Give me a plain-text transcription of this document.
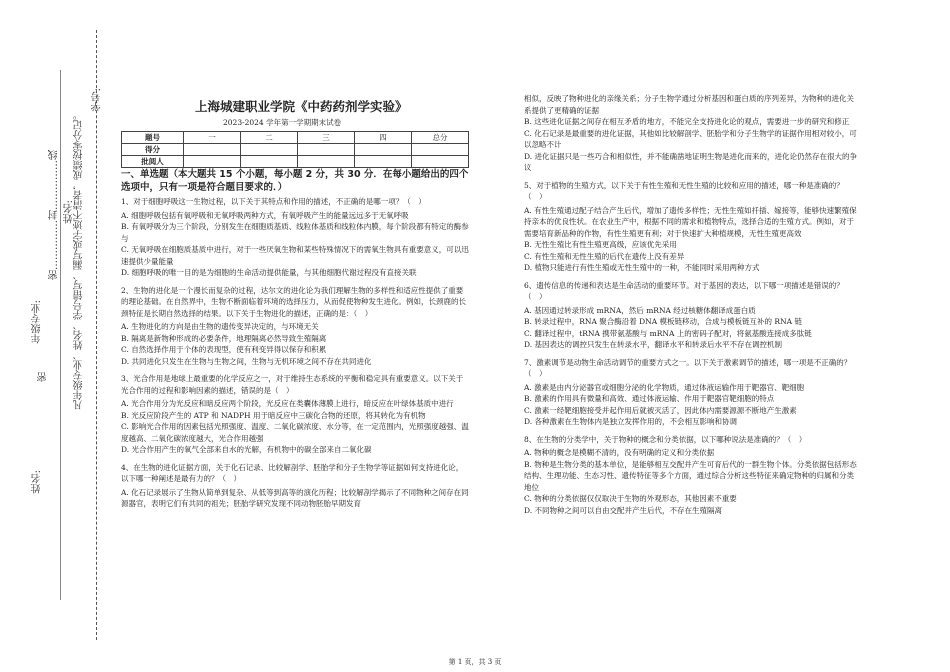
学号:
姓名:
年级专业:
姓名:
凡年级专业、姓名、学号错写、漏写或字迹不清者，成绩按零分记。
密……………封……………线
密
上海城建职业学院《中药药剂学实验》
2023-2024 学年第一学期期末试卷
题号	一	二	三	四	总分
得分					
批阅人					
一、单选题（本大题共 15 个小题，每小题 2 分，共 30 分．在每小题给出的四个选项中，只有一项是符合题目要求的．）

1、对于细胞呼吸这一生物过程，以下关于其特点和作用的描述，不正确的是哪一项？（　）

A. 细胞呼吸包括有氧呼吸和无氧呼吸两种方式，有氧呼吸产生的能量远远多于无氧呼吸
B. 有氧呼吸分为三个阶段，分别发生在细胞质基质、线粒体基质和线粒体内膜，每个阶段都有特定的酶参与
C. 无氧呼吸在细胞质基质中进行，对于一些厌氧生物和某些特殊情况下的需氧生物具有重要意义，可以迅速提供少量能量
D. 细胞呼吸的唯一目的是为细胞的生命活动提供能量，与其他细胞代谢过程没有直接关联

2、生物的进化是一个漫长而复杂的过程，达尔文的进化论为我们理解生物的多样性和适应性提供了重要的理论基础。在自然界中，生物不断面临着环境的选择压力，从而促使物种发生进化。例如，长颈鹿的长颈特征是长期自然选择的结果。以下关于生物进化的描述，正确的是：（　）

A. 生物进化的方向是由生物的遗传变异决定的，与环境无关
B. 隔离是新物种形成的必要条件，地理隔离必然导致生殖隔离
C. 自然选择作用于个体的表现型，使有利变异得以保存和积累
D. 共同进化只发生在生物与生物之间，生物与无机环境之间不存在共同进化

3、光合作用是地球上最重要的化学反应之一，对于维持生态系统的平衡和稳定具有重要意义。以下关于光合作用的过程和影响因素的描述，错误的是（　）

A. 光合作用分为光反应和暗反应两个阶段，光反应在类囊体薄膜上进行，暗反应在叶绿体基质中进行
B. 光反应阶段产生的 ATP 和 NADPH 用于暗反应中三碳化合物的还原，将其转化为有机物
C. 影响光合作用的因素包括光照强度、温度、二氧化碳浓度、水分等，在一定范围内，光照强度越强、温度越高、二氧化碳浓度越大，光合作用越强
D. 光合作用产生的氧气全部来自水的光解，有机物中的碳全部来自二氧化碳

4、在生物的进化证据方面，关于化石记录、比较解剖学、胚胎学和分子生物学等证据如何支持进化论，以下哪一种阐述是最有力的？（　）

A. 化石记录展示了生物从简单到复杂、从低等到高等的演化历程；比较解剖学揭示了不同物种之间存在同源器官，表明它们有共同的祖先；胚胎学研究发现不同动物胚胎早期发育
相似，反映了物种进化的亲缘关系；分子生物学通过分析基因和蛋白质的序列差异，为物种的进化关系提供了更精确的证据
B. 这些进化证据之间存在相互矛盾的地方，不能完全支持进化论的观点，需要进一步的研究和修正
C. 化石记录是最重要的进化证据，其他如比较解剖学、胚胎学和分子生物学的证据作用相对较小，可以忽略不计
D. 进化证据只是一些巧合和相似性，并不能确凿地证明生物是进化而来的，进化论仍然存在很大的争议

5、对于植物的生殖方式，以下关于有性生殖和无性生殖的比较和应用的描述，哪一种是准确的？（　）

A. 有性生殖通过配子结合产生后代，增加了遗传多样性；无性生殖如扦插、嫁接等，能够快速繁殖保持亲本的优良性状。在农业生产中，根据不同的需求和植物特点，选择合适的生殖方式。例如，对于需要培育新品种的作物，有性生殖更有利；对于快速扩大种植规模，无性生殖更高效
B. 无性生殖比有性生殖更高级，应该优先采用
C. 有性生殖和无性生殖的后代在遗传上没有差异
D. 植物只能进行有性生殖或无性生殖中的一种，不能同时采用两种方式

6、遗传信息的传递和表达是生命活动的重要环节。对于基因的表达，以下哪一项描述是错误的？（　）

A. 基因通过转录形成 mRNA，然后 mRNA 经过核糖体翻译成蛋白质
B. 转录过程中，RNA 聚合酶沿着 DNA 模板链移动，合成与模板链互补的 RNA 链
C. 翻译过程中，tRNA 携带氨基酸与 mRNA 上的密码子配对，将氨基酸连接成多肽链
D. 基因表达的调控只发生在转录水平，翻译水平和转录后水平不存在调控机制

7、激素调节是动物生命活动调节的重要方式之一。以下关于激素调节的描述，哪一项是不正确的？（　）

A. 激素是由内分泌器官或细胞分泌的化学物质，通过体液运输作用于靶器官、靶细胞
B. 激素的作用具有微量和高效、通过体液运输、作用于靶器官靶细胞的特点
C. 激素一经靶细胞接受并起作用后就被灭活了，因此体内需要源源不断地产生激素
D. 各种激素在生物体内是独立发挥作用的，不会相互影响和协调

8、在生物的分类学中，关于物种的概念和分类依据，以下哪种说法是准确的？（　）

A. 物种的概念是模糊不清的，没有明确的定义和分类依据
B. 物种是生物分类的基本单位，是能够相互交配并产生可育后代的一群生物个体。分类依据包括形态结构、生理功能、生态习性、遗传特征等多个方面，通过综合分析这些特征来确定物种的归属和分类地位
C. 物种的分类依据仅仅取决于生物的外观形态，其他因素不重要
D. 不同物种之间可以自由交配并产生后代，不存在生殖隔离
第 1 页，共 3 页
